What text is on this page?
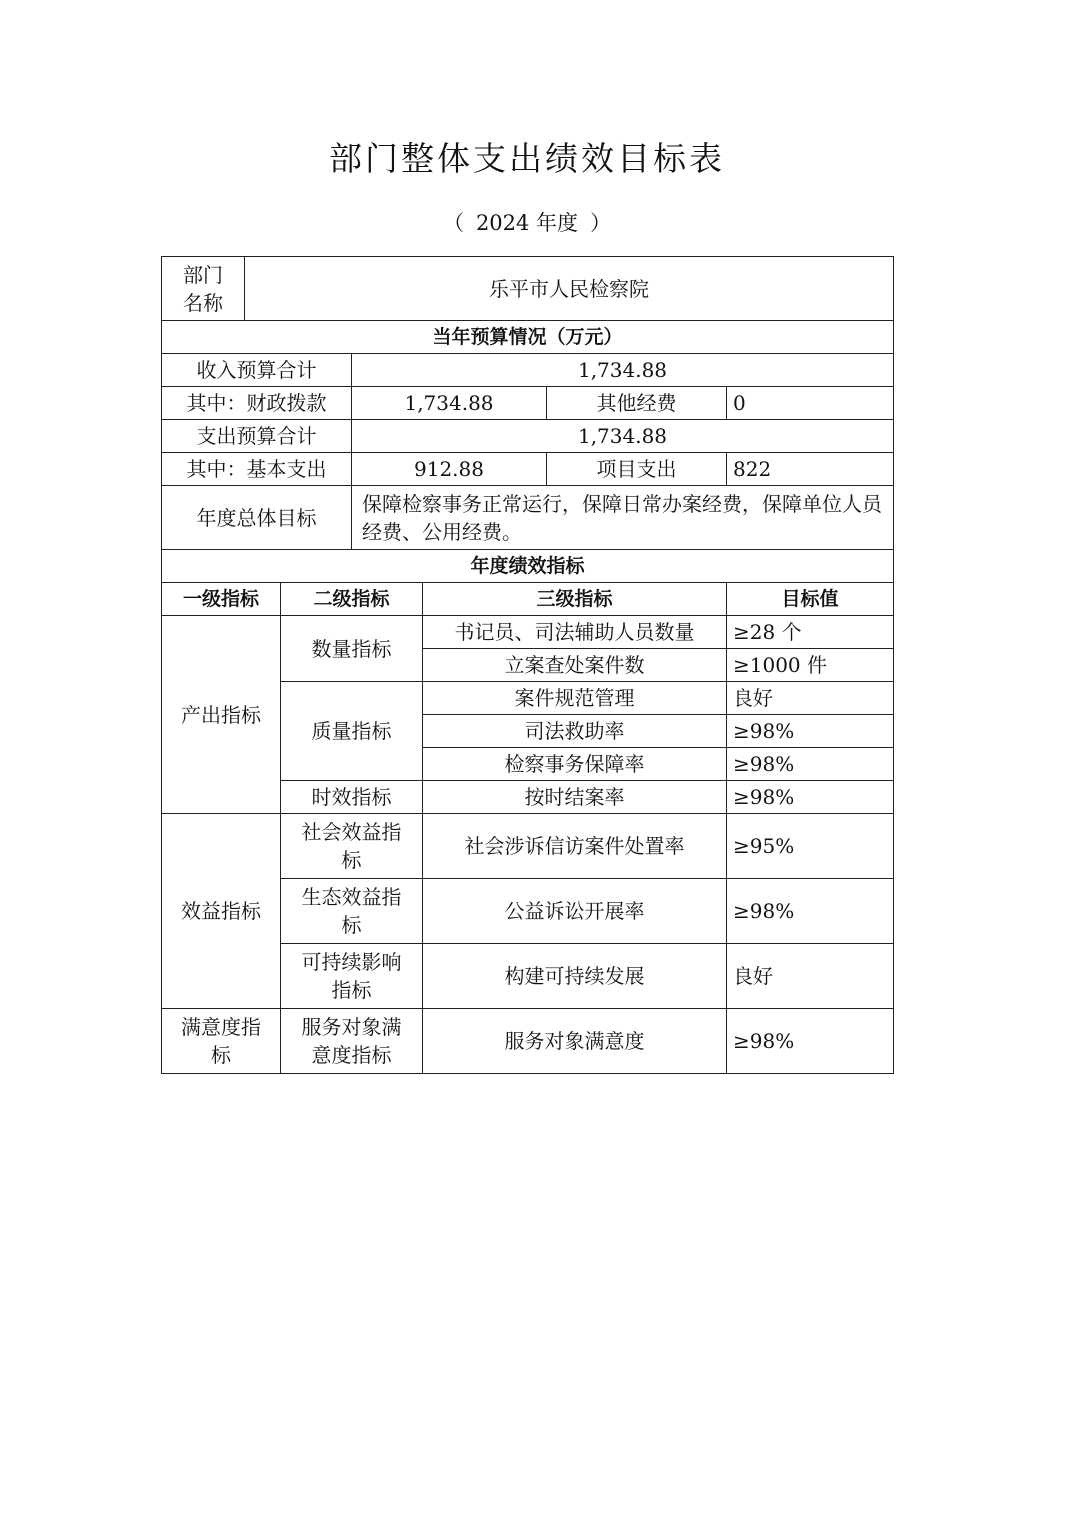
部门整体支出绩效目标表
（ 2024 年度 ）
部门名称	乐平市人民检察院					
当年预算情况（万元）						
收入预算合计			1,734.88			
其中：财政拨款			1,734.88		其他经费	0
支出预算合计			1,734.88			
其中：基本支出			912.88		项目支出	822
年度总体目标			保障检察事务正常运行，保障日常办案经费，保障单位人员经费、公用经费。			
年度绩效指标						
一级指标		二级指标		三级指标		目标值
产出指标		数量指标		书记员、司法辅助人员数量		≥28 个
				立案查处案件数		≥1000 件
		质量指标		案件规范管理		良好
				司法救助率		≥98%
				检察事务保障率		≥98%
		时效指标		按时结案率		≥98%
效益指标		社会效益指标		社会涉诉信访案件处置率		≥95%
		生态效益指标		公益诉讼开展率		≥98%
		可持续影响指标		构建可持续发展		良好
满意度指标		服务对象满意度指标		服务对象满意度		≥98%
